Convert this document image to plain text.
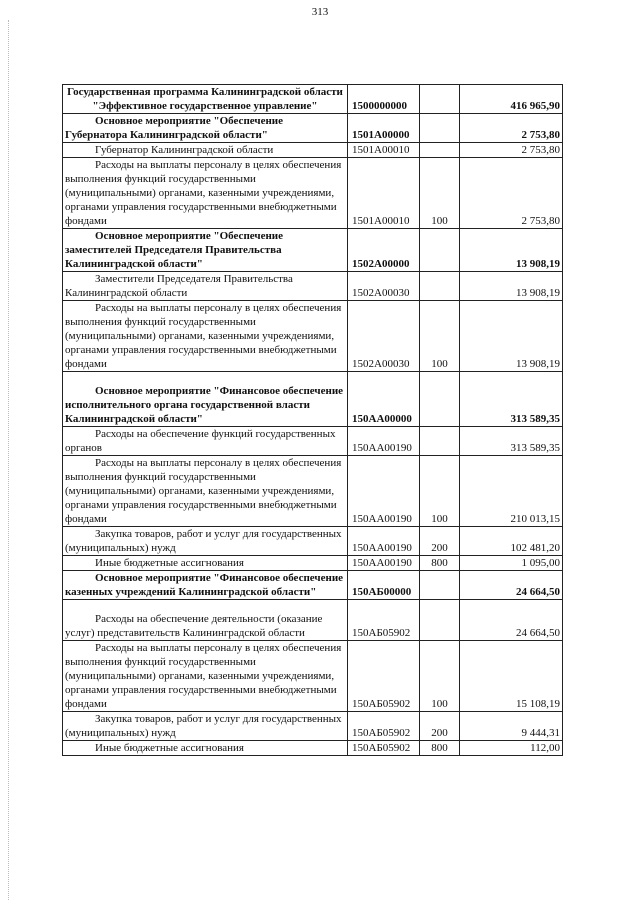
313
Государственная программа Калининградской области "Эффективное государственное управление"	1500000000		416 965,90
Основное мероприятие "Обеспечение Губернатора Калининградской области"	1501А00000		2 753,80
Губернатор Калининградской области	1501А00010		2 753,80
Расходы на выплаты персоналу в целях обеспечения выполнения функций государственными (муниципальными) органами, казенными учреждениями, органами управления государственными внебюджетными фондами	1501А00010	100	2 753,80
Основное мероприятие "Обеспечение заместителей Председателя Правительства Калининградской области"	1502А00000		13 908,19
Заместители Председателя Правительства Калининградской области	1502А00030		13 908,19
Расходы на выплаты персоналу в целях обеспечения выполнения функций государственными (муниципальными) органами, казенными учреждениями, органами управления государственными внебюджетными фондами	1502А00030	100	13 908,19
Основное мероприятие "Финансовое обеспечение исполнительного органа государственной власти Калининградской области"	150АА00000		313 589,35
Расходы на обеспечение функций государственных органов	150АА00190		313 589,35
Расходы на выплаты персоналу в целях обеспечения выполнения функций государственными (муниципальными) органами, казенными учреждениями, органами управления государственными внебюджетными фондами	150АА00190	100	210 013,15
Закупка товаров, работ и услуг для государственных (муниципальных) нужд	150АА00190	200	102 481,20
Иные бюджетные ассигнования	150АА00190	800	1 095,00
Основное мероприятие "Финансовое обеспечение казенных учреждений Калининградской области"	150АБ00000		24 664,50
Расходы на обеспечение деятельности (оказание услуг) представительств Калининградской области	150АБ05902		24 664,50
Расходы на выплаты персоналу в целях обеспечения выполнения функций государственными (муниципальными) органами, казенными учреждениями, органами управления государственными внебюджетными фондами	150АБ05902	100	15 108,19
Закупка товаров, работ и услуг для государственных (муниципальных) нужд	150АБ05902	200	9 444,31
Иные бюджетные ассигнования	150АБ05902	800	112,00
